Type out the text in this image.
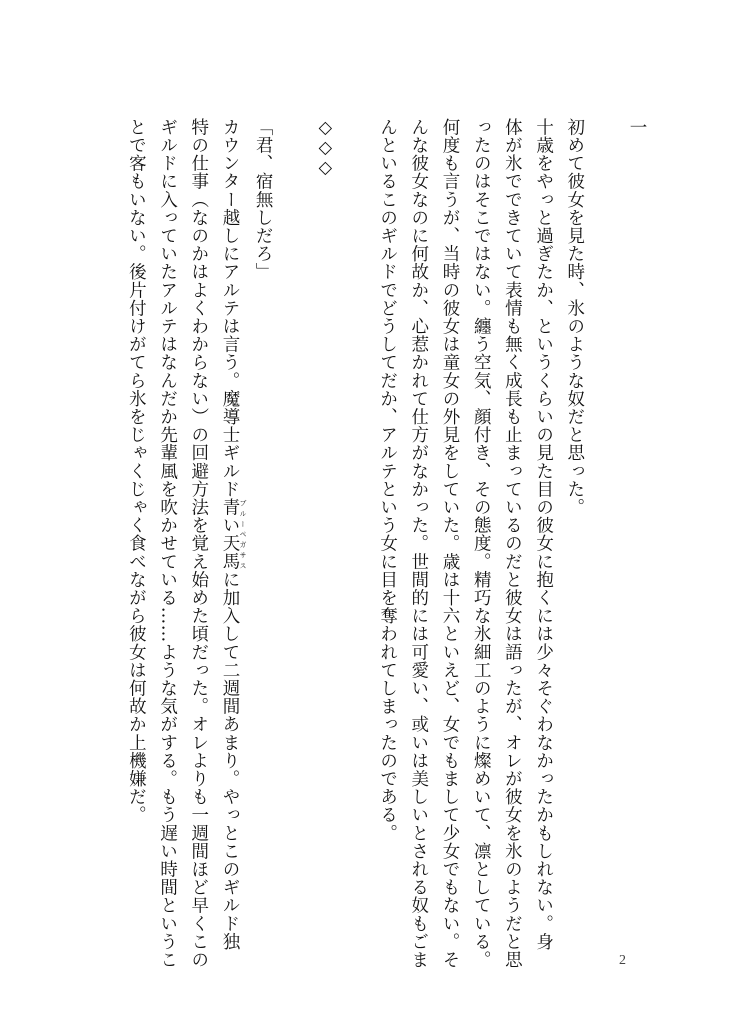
一
初めて彼女を見た時、氷のような奴だと思った。
十歳をやっと過ぎたか、というくらいの見た目の彼女に抱くには少々そぐわなかったかもしれない。身
体が氷でできていて表情も無く成長も止まっているのだと彼女は語ったが、オレが彼女を氷のようだと思
ったのはそこではない。纏う空気、顔付き、その態度。精巧な氷細工のように燦めいて、凛としている。
何度も言うが、当時の彼女は童女の外見をしていた。歳は十六といえど、女でもまして少女でもない。そ
んな彼女なのに何故か、心惹かれて仕方がなかった。世間的には可愛い、或いは美しいとされる奴もごま
んといるこのギルドでどうしてだか、アルテという女に目を奪われてしまったのである。
◇◇◇
「君、宿無しだろ」
カウンター越しにアルテは言う。魔導士ギルド青い天馬 ブルーペガサスに加入して二週間あまり。やっとこのギルド独
特の仕事（なのかはよくわからない）の回避方法を覚え始めた頃だった。オレよりも一週間ほど早くこの
ギルドに入っていたアルテはなんだか先輩風を吹かせている……ような気がする。もう遅い時間というこ
とで客もいない。後片付けがてら氷をじゃくじゃく食べながら彼女は何故か上機嫌だ。
2
